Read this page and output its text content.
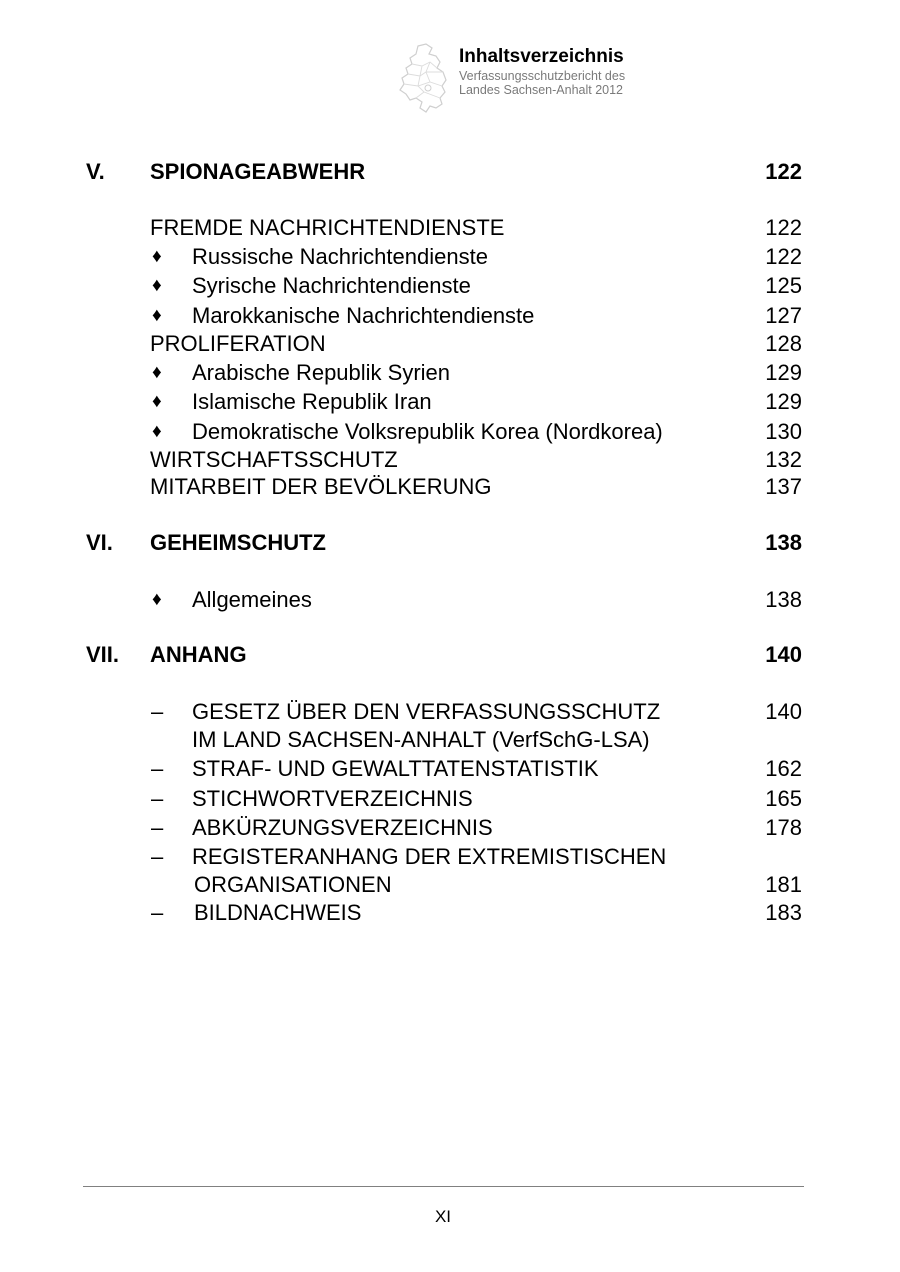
Inhaltsverzeichnis
Verfassungsschutzbericht des
Landes Sachsen-Anhalt 2012
V. SPIONAGEABWEHR	122
FREMDE NACHRICHTENDIENSTE	122
♦ Russische Nachrichtendienste	122
♦ Syrische Nachrichtendienste	125
♦ Marokkanische Nachrichtendienste	127
PROLIFERATION	128
♦ Arabische Republik Syrien	129
♦ Islamische Republik Iran	129
♦ Demokratische Volksrepublik Korea (Nordkorea)	130
WIRTSCHAFTSSCHUTZ	132
MITARBEIT DER BEVÖLKERUNG	137
VI. GEHEIMSCHUTZ	138
♦ Allgemeines	138
VII. ANHANG	140
– GESETZ ÜBER DEN VERFASSUNGSSCHUTZ	140
IM LAND SACHSEN-ANHALT (VerfSchG-LSA)
– STRAF- UND GEWALTTATENSTATISTIK	162
– STICHWORTVERZEICHNIS	165
– ABKÜRZUNGSVERZEICHNIS	178
– REGISTERANHANG DER EXTREMISTISCHEN
ORGANISATIONEN	181
– BILDNACHWEIS	183
XI
